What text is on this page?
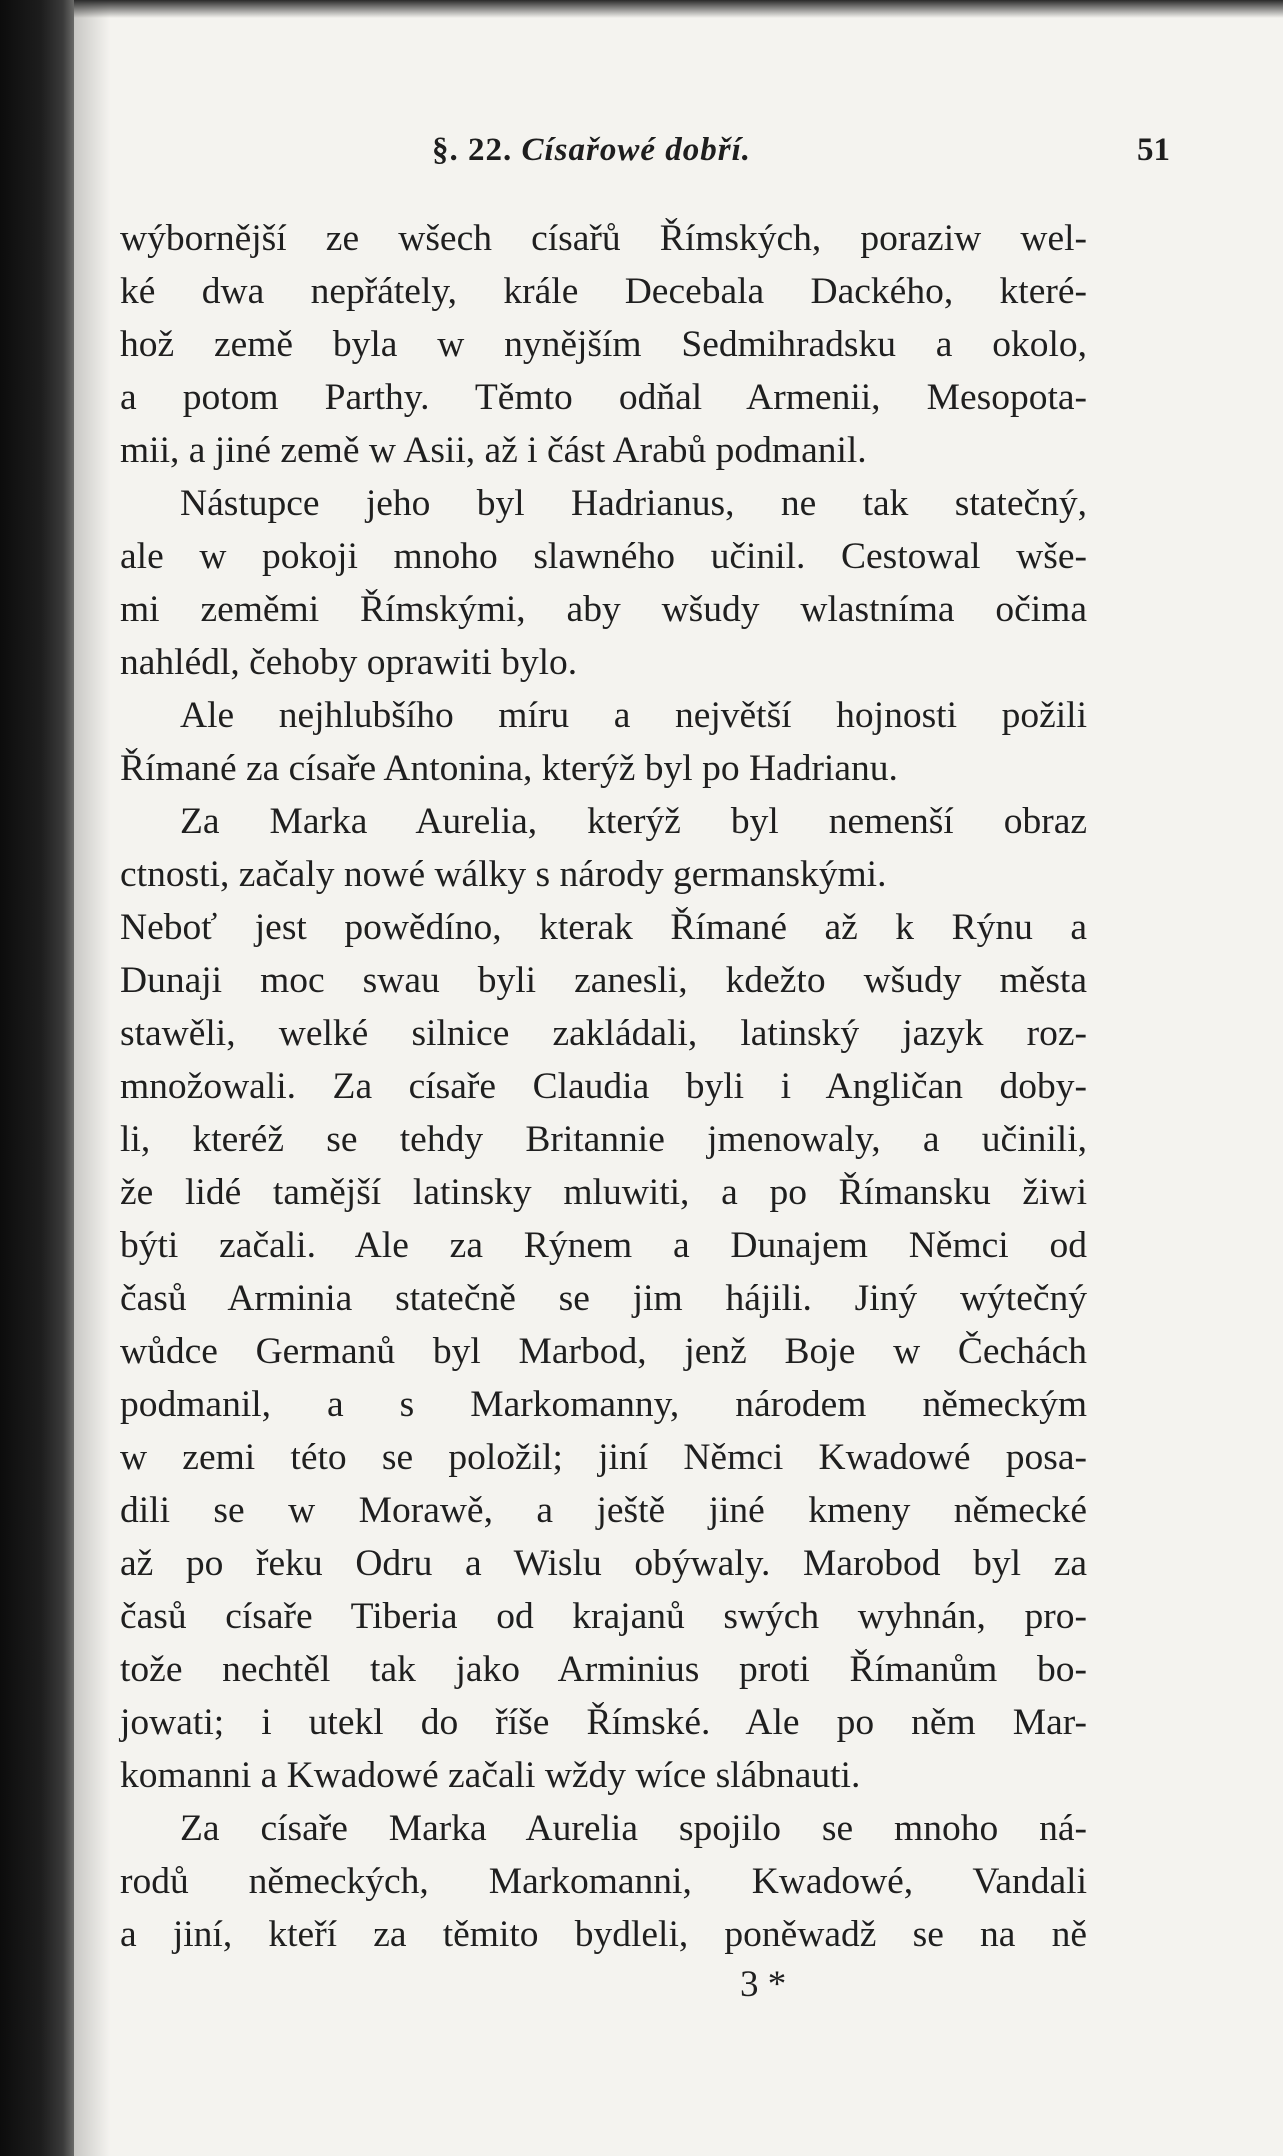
§. 22. Císařowé dobří.	51
wýbornější ze wšech císařů Římských, poraziw wel-
ké dwa nepřátely, krále Decebala Dackého, které-
hož země byla w nynějším Sedmihradsku a okolo,
a potom Parthy. Těmto odňal Armenii, Mesopota-
mii, a jiné země w Asii, až i část Arabů podmanil.
Nástupce jeho byl Hadrianus, ne tak statečný,
ale w pokoji mnoho slawného učinil. Cestowal wše-
mi zeměmi Římskými, aby wšudy wlastníma očima
nahlédl, čehoby oprawiti bylo.
Ale nejhlubšího míru a největší hojnosti požili
Římané za císaře Antonina, kterýž byl po Hadrianu.
Za Marka Aurelia, kterýž byl nemenší obraz
ctnosti, začaly nowé wálky s národy germanskými.
Neboť jest powědíno, kterak Římané až k Rýnu a
Dunaji moc swau byli zanesli, kdežto wšudy města
stawěli, welké silnice zakládali, latinský jazyk roz-
množowali. Za císaře Claudia byli i Angličan doby-
li, kteréž se tehdy Britannie jmenowaly, a učinili,
že lidé tamější latinsky mluwiti, a po Římansku žiwi
býti začali. Ale za Rýnem a Dunajem Němci od
časů Arminia statečně se jim hájili. Jiný wýtečný
wůdce Germanů byl Marbod, jenž Boje w Čechách
podmanil, a s Markomanny, národem německým
w zemi této se položil; jiní Němci Kwadowé posa-
dili se w Morawě, a ještě jiné kmeny německé
až po řeku Odru a Wislu obýwaly. Marobod byl za
časů císaře Tiberia od krajanů swých wyhnán, pro-
tože nechtěl tak jako Arminius proti Římanům bo-
jowati; i utekl do říše Římské. Ale po něm Mar-
komanni a Kwadowé začali wždy wíce slábnauti.
Za císaře Marka Aurelia spojilo se mnoho ná-
rodů německých, Markomanni, Kwadowé, Vandali
a jiní, kteří za těmito bydleli, poněwadž se na ně
3 *
